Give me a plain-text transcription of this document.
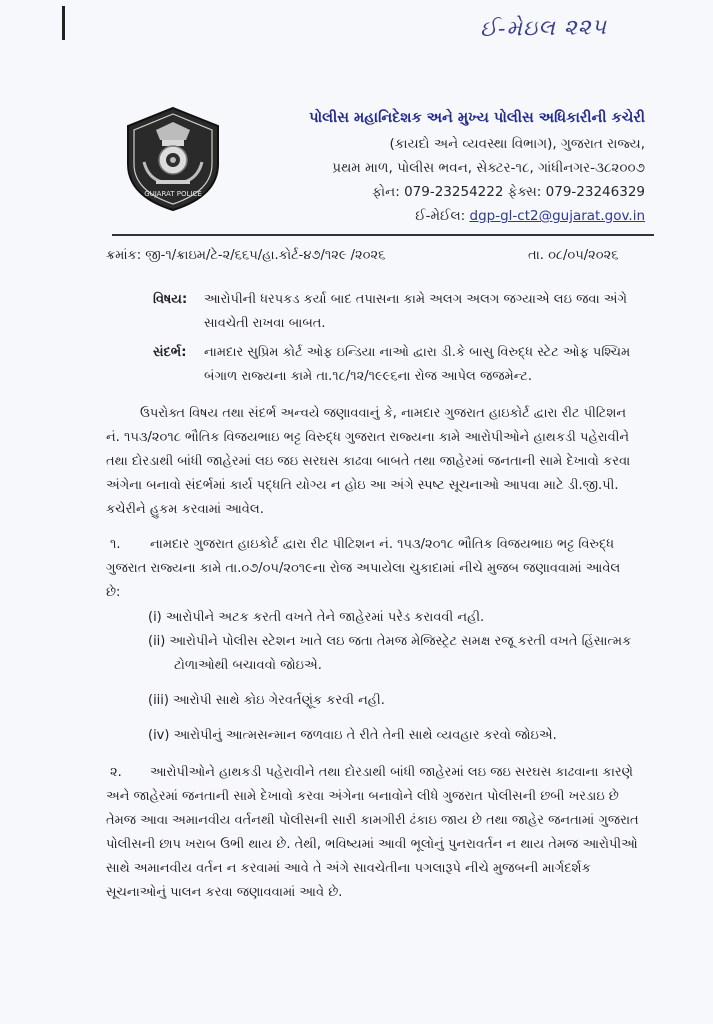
ઈ-મેઇલ ૨૨૫
GUJARAT POLICE
પોલીસ મહાનિદેશક અને મુખ્ય પોલીસ અધિકારીની કચેરી
(કાયદો અને વ્યવસ્થા વિભાગ), ગુજરાત રાજ્ય,
પ્રથમ માળ, પોલીસ ભવન, સેક્ટર-૧૮, ગાંધીનગર-૩૮૨૦૦૭
ફોન: 079-23254222 ફેક્સ: 079-23246329
ઈ-મેઈલ: dgp-gl-ct2@gujarat.gov.in
ક્રમાંક: જી-૧/ક્રાઇમ/ટે-૨/૬૬૫/હા.કોર્ટ-૪૭/૧૨૯ /૨૦૨૬	તા. ૦૮/૦૫/૨૦૨૬
વિષય: આરોપીની ધરપકડ કર્યા બાદ તપાસના કામે અલગ અલગ જગ્યાએ લઇ જવા અંગે
સાવચેતી રાખવા બાબત.
સંદર્ભ: નામદાર સુપ્રિમ કોર્ટ ઓફ ઇન્ડિયા નાઓ દ્વારા ડી.કે બાસુ વિરુદ્ધ સ્ટેટ ઓફ પશ્ચિમ
બંગાળ રાજ્યના કામે તા.૧૮/૧૨/૧૯૯૬ના રોજ આપેલ જજમેન્ટ.
ઉપરોક્ત વિષય તથા સંદર્ભ અન્વયે જણાવવાનું કે, નામદાર ગુજરાત હાઇકોર્ટ દ્વારા રીટ પીટિશન
નં. ૧૫૩/૨૦૧૮ ભૌતિક વિજયભાઇ ભટ્ટ વિરુદ્ધ ગુજરાત રાજ્યના કામે આરોપીઓને હાથકડી પહેરાવીને
તથા દોરડાથી બાંધી જાહેરમાં લઇ જઇ સરઘસ કાઢવા બાબતે તથા જાહેરમાં જનતાની સામે દેખાવો કરવા
અંગેના બનાવો સંદર્ભમાં કાર્ય પદ્ધતિ યોગ્ય ન હોઇ આ અંગે સ્પષ્ટ સૂચનાઓ આપવા માટે ડી.જી.પી.
કચેરીને હુકમ કરવામાં આવેલ.
૧. નામદાર ગુજરાત હાઇકોર્ટ દ્વારા રીટ પીટિશન નં. ૧૫૩/૨૦૧૮ ભૌતિક વિજયભાઇ ભટ્ટ વિરુદ્ધ
ગુજરાત રાજ્યના કામે તા.૦૭/૦૫/૨૦૧૯ના રોજ અપાયેલા ચુકાદામાં નીચે મુજબ જણાવવામાં આવેલ
છે:
(i) આરોપીને અટક કરતી વખતે તેને જાહેરમાં પરેડ કરાવવી નહી.
(ii) આરોપીને પોલીસ સ્ટેશન ખાતે લઇ જતા તેમજ મેજિસ્ટ્રેટ સમક્ષ રજૂ કરતી વખતે હિંસાત્મક
ટોળાઓથી બચાવવો જોઇએ.
(iii) આરોપી સાથે કોઇ ગેરવર્તણૂંક કરવી નહી.
(iv) આરોપીનું આત્મસન્માન જળવાઇ તે રીતે તેની સાથે વ્યવહાર કરવો જોઇએ.
૨. આરોપીઓને હાથકડી પહેરાવીને તથા દોરડાથી બાંધી જાહેરમાં લઇ જઇ સરઘસ કાઢવાના કારણે
અને જાહેરમાં જનતાની સામે દેખાવો કરવા અંગેના બનાવોને લીધે ગુજરાત પોલીસની છબી ખરડાઇ છે
તેમજ આવા અમાનવીય વર્તનથી પોલીસની સારી કામગીરી ઢંકાઇ જાય છે તથા જાહેર જનતામાં ગુજરાત
પોલીસની છાપ ખરાબ ઉભી થાય છે. તેથી, ભવિષ્યમાં આવી ભૂલોનું પુનરાવર્તન ન થાય તેમજ આરોપીઓ
સાથે અમાનવીય વર્તન ન કરવામાં આવે તે અંગે સાવચેતીના પગલારૂપે નીચે મુજબની માર્ગદર્શક
સૂચનાઓનું પાલન કરવા જણાવવામાં આવે છે.
